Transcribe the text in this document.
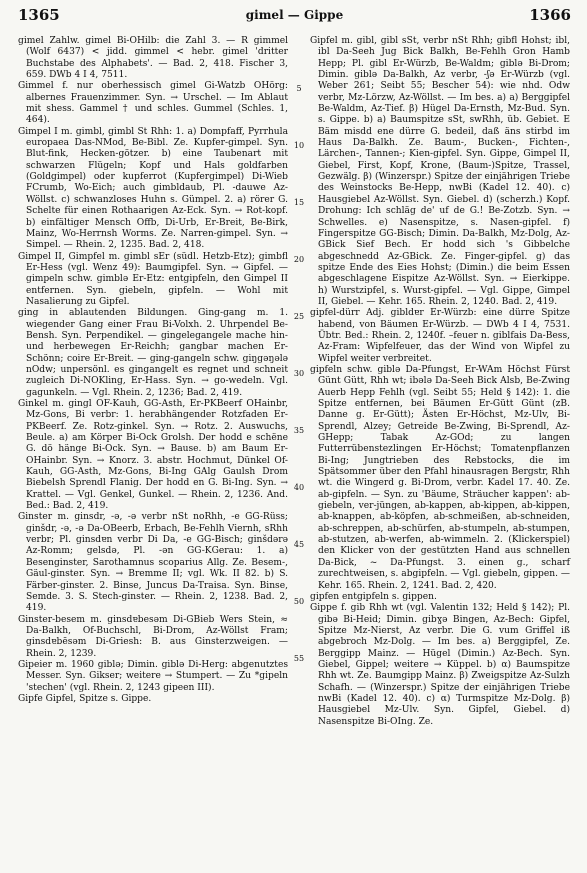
1365	gimel — Gippe	1366

gimel Zahlw. gimel Bi-OHilb: die Zahl 3. — R gimmel (Wolf 6437) < jidd. gimmel < hebr. gimel 'dritter Buchstabe des Alphabets'. — Bad. 2, 418. Fischer 3, 659. DWb 4 I 4, 7511.

Gimmel f. nur oberhessisch gimel Gi-Watzb OHörg: albernes Frauenzimmer. Syn. → Urschel. — Im Ablaut mit shess. Gammel † und schles. Gummel (Schles. 1, 464).

Gimpel I m. gimbl, gimbl St Rhh: 1. a) Dompfaff, Pyrrhula europaea Das-NMod, Be-Bibl. Ze. Kupfer-gimpel. Syn. Blut-fink, Hecken-götzer. b) eine Taubenart mit schwarzen Flügeln; Kopf und Hals goldfarben (Goldgimpel) oder kupferrot (Kupfergimpel) Di-Wieb FCrumb, Wo-Eich; auch gimbldaub, Pl. -dauwe Az-Wöllst. c) schwanzloses Huhn s. Gümpel. 2. a) rörer G. Schelte für einen Rothaarigen Az-Eck. Syn. → Rot-kopf. b) einfältiger Mensch Offb, Di-Urb, Er-Breit, Be-Birk, Mainz, Wo-Herrnsh Worms. Ze. Narren-gimpel. Syn. → Simpel. — Rhein. 2, 1235. Bad. 2, 418.

Gimpel II, Gimpfel m. gimbl sEr (südl. Hetzb-Etz); gimbfl Er-Hess (vgl. Wenz 49): Baumgipfel. Syn. → Gipfel. — gimpeln schw. gimblə Er-Etz: entgipfeln, den Gimpel II entfernen. Syn. giebeln, gipfeln. — Wohl mit Nasalierung zu Gipfel.

ging in ablautenden Bildungen. Ging-gang m. 1. wiegender Gang einer Frau Bi-Volxh. 2. Uhrpendel Be-Bensh. Syn. Perpendikel. — gingelegangele mache hin- und herbewegen Er-Reichh; gangbar machen Er-Schönn; coire Er-Breit. — ging-gangeln schw. giŋgəŋələ nOdw; unpersönl. es gingangelt es regnet und schneit zugleich Di-NOKling, Er-Hass. Syn. → go-wedeln. Vgl. gagunkeln. — Vgl. Rhein. 2, 1236; Bad. 2, 419.

Ginkel m. gingl OF-Kauh, GG-Asth, Er-PKBeerf OHainbr, Mz-Gons, Bi verbr: 1. herabhängender Rotzfaden Er-PKBeerf. Ze. Rotz-ginkel. Syn. → Rotz. 2. Auswuchs, Beule. a) am Körper Bi-Ock Grolsh. Der hodd e schëne G. dö hänge Bi-Ock. Syn. → Bause. b) am Baum Er-OHainbr. Syn. → Knorz. 3. abstr. Hochmut, Dünkel Of-Kauh, GG-Asth, Mz-Gons, Bi-Ing GAlg Gaulsh Drom Biebelsh Sprendl Flanig. Der hodd en G. Bi-Ing. Syn. → Krattel. — Vgl. Genkel, Gunkel. — Rhein. 2, 1236. And. Bed.: Bad. 2, 419.

Ginster m. ginsdr, -ə, -ə verbr nSt noRhh, -e GG-Rüss; ginšdr, -ə, -ə Da-OBeerb, Erbach, Be-Fehlh Viernh, sRhh verbr; Pl. ginsdɐn verbr Di Da, -e GG-Bisch; ginšdərə Az-Romm; gelsdə, Pl. -ən GG-KGerau: 1. a) Besenginster, Sarothamnus scoparius Allg. Ze. Besem-, Gäul-ginster. Syn. → Bremme II; vgl. Wk. II 82. b) S. Färber-ginster. 2. Binse, Juncus Da-Traisa. Syn. Binse, Semde. 3. S. Stech-ginster. — Rhein. 2, 1238. Bad. 2, 419.

Ginster-besem m. ginsdɐbesəm Di-GBieb Wers Stein, ≈ Da-Balkh, Of-Buchschl, Bi-Drom, Az-Wöllst Fram; ginsdɐbēsəm Di-Griesh: B. aus Ginsterzweigen. — Rhein. 2, 1239.

Gipeier m. 1960 giblə; Dimin. giblə Di-Herg: abgenutztes Messer. Syn. Gikser; weitere → Stumpert. — Zu *gipeln 'stechen' (vgl. Rhein. 2, 1243 gipeen III).

Gipfe Gipfel, Spitze s. Gippe.

5
10
15
20
25
30
35
40
45
50
55

Gipfel m. gibl, gibl sSt, verbr nSt Rhh; gibfl Hohst; ibl, ibl Da-Seeh Jug Bick Balkh, Be-Fehlh Gron Hamb Hepp; Pl. gibl Er-Würzb, Be-Waldm; giblə Bi-Drom; Dimin. giblə Da-Balkh, Az verbr, -ʃə Er-Würzb (vgl. Weber 261; Seibt 55; Bescher 54): wie nhd. Odw verbr, Mz-Lörzw, Az-Wöllst. — Im bes. a) a) Berggipfel Be-Waldm, Az-Tief. β) Hügel Da-Ernsth, Mz-Bud. Syn. s. Gippe. b) a) Baumspitze sSt, swRhh, üb. Gebiet. E Bäm misdd ene dürre G. bedeil, daß äns stirbd im Haus Da-Balkh. Ze. Baum-, Bucken-, Fichten-, Lärchen-, Tannen-; Kien-gipfel. Syn. Gippe, Gimpel II, Giebel, First, Kopf, Krone, (Baum-)Spitze, Trassel, Gezwälg. β) (Winzerspr.) Spitze der einjährigen Triebe des Weinstocks Be-Hepp, nwBi (Kadel 12. 40). c) Hausgiebel Az-Wöllst. Syn. Giebel. d) (scherzh.) Kopf. Drohung: Ich schläg de' uf de G.! Be-Zotzb. Syn. → Schwelles. e) Nasenspitze, s. Nasen-gipfel. f) Fingerspitze GG-Bisch; Dimin. Da-Balkh, Mz-Dolg, Az-GBick Sief Bech. Er hodd sich 's Gibbelche abgeschnedd Az-GBick. Ze. Finger-gipfel. g) das spitze Ende des Eies Hohst; (Dimin.) die beim Essen abgeschlagene Eispitze Az-Wöllst. Syn. → Eierkippe. h) Wurstzipfel, s. Wurst-gipfel. — Vgl. Gippe, Gimpel II, Giebel. — Kehr. 165. Rhein. 2, 1240. Bad. 2, 419.

gipfel-dürr Adj. gibldɐr Er-Würzb: eine dürre Spitze habend, von Bäumen Er-Würzb. — DWb 4 I 4, 7531. Übtr. Bed.: Rhein. 2, 1240f. –feuer n. giblfais Da-Bess, Az-Fram: Wipfelfeuer, das der Wind von Wipfel zu Wipfel weiter verbreitet.

gipfeln schw. giblə Da-Pfungst, Er-WAm Höchst Fürst Günt Gütt, Rhh wt; ibələ Da-Seeh Bick Alsb, Be-Zwing Auerb Hepp Fehlh (vgl. Seibt 55; Held § 142): 1. die Spitze entfernen, bei Bäumen Er-Gütt Günt (zB. Danne g. Er-Gütt); Ästen Er-Höchst, Mz-Ulv, Bi-Sprendl, Alzey; Getreide Be-Zwing, Bi-Sprendl, Az-GHepp; Tabak Az-GOd; zu langen Futterrübenstezlingen Er-Höchst; Tomatenpflanzen Bi-Ing; Jungtrieben des Rebstocks, die im Spätsommer über den Pfahl hinausragen Bergstr, Rhh wt. die Wingerd g. Bi-Drom, verbr. Kadel 17. 40. Ze. ab-gipfeln. — Syn. zu 'Bäume, Sträucher kappen': ab-giebeln, ver-jüngen, ab-kappen, ab-kippen, ab-kippen, ab-knappen, ab-köpfen, ab-schmeißen, ab-schneiden, ab-schreppen, ab-schürfen, ab-stumpeln, ab-stumpen, ab-stutzen, ab-werfen, ab-wimmeln. 2. (Klickerspiel) den Klicker von der gestützten Hand aus schnellen Da-Bick, ~ Da-Pfungst. 3. einen g., scharf zurechtweisen, s. abgipfeln. — Vgl. giebeln, gippen. — Kehr. 165. Rhein. 2, 1241. Bad. 2, 420.

gipfen entgipfeln s. gippen.

Gippe f. gib Rhh wt (vgl. Valentin 132; Held § 142); Pl. gibə Bi-Heid; Dimin. gibɣə Bingen, Az-Bech: Gipfel, Spitze Mz-Nierst, Az verbr. Die G. vum Griffel iß abgebroch Mz-Dolg. — Im bes. a) Berggipfel, Ze. Berggipp Mainz. — Hügel (Dimin.) Az-Bech. Syn. Giebel, Gippel; weitere → Küppel. b) α) Baumspitze Rhh wt. Ze. Baumgipp Mainz. β) Zweigspitze Az-Sulzh Schafh. — (Winzerspr.) Spitze der einjährigen Triebe nwBi (Kadel 12. 40). c) α) Turmspitze Mz-Dolg. β) Hausgiebel Mz-Ulv. Syn. Gipfel, Giebel. d) Nasenspitze Bi-OIng. Ze.
